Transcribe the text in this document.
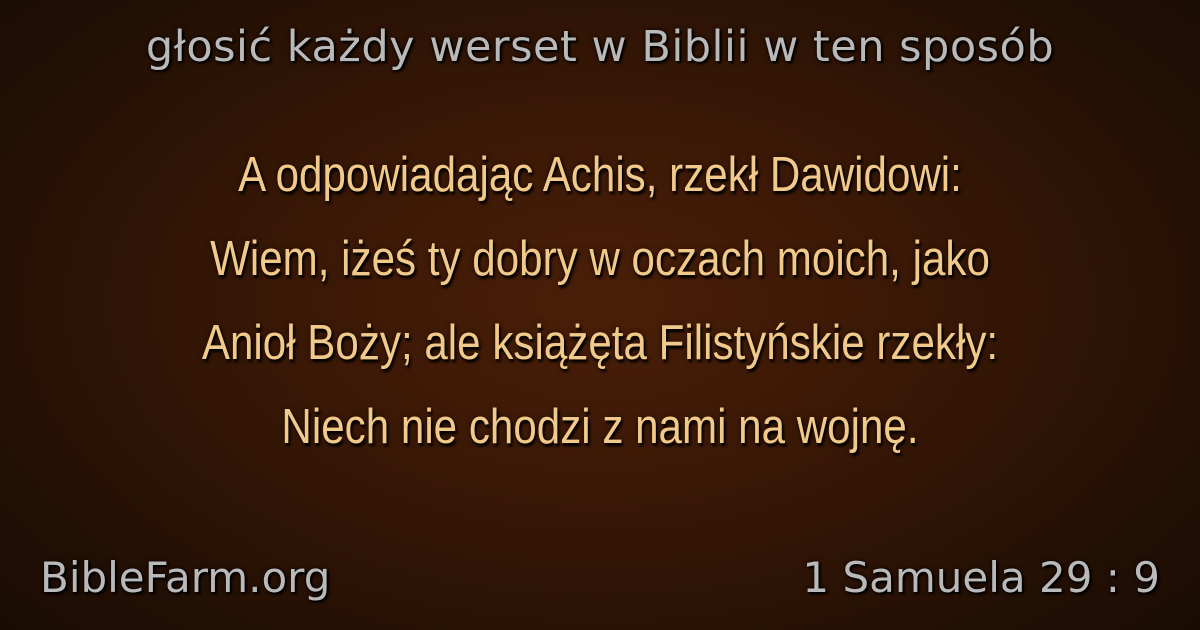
głosić każdy werset w Biblii w ten sposób
A odpowiadając Achis, rzekł Dawidowi:
Wiem, iżeś ty dobry w oczach moich, jako
Anioł Boży; ale książęta Filistyńskie rzekły:
Niech nie chodzi z nami na wojnę.
BibleFarm.org	1 Samuela 29 : 9
